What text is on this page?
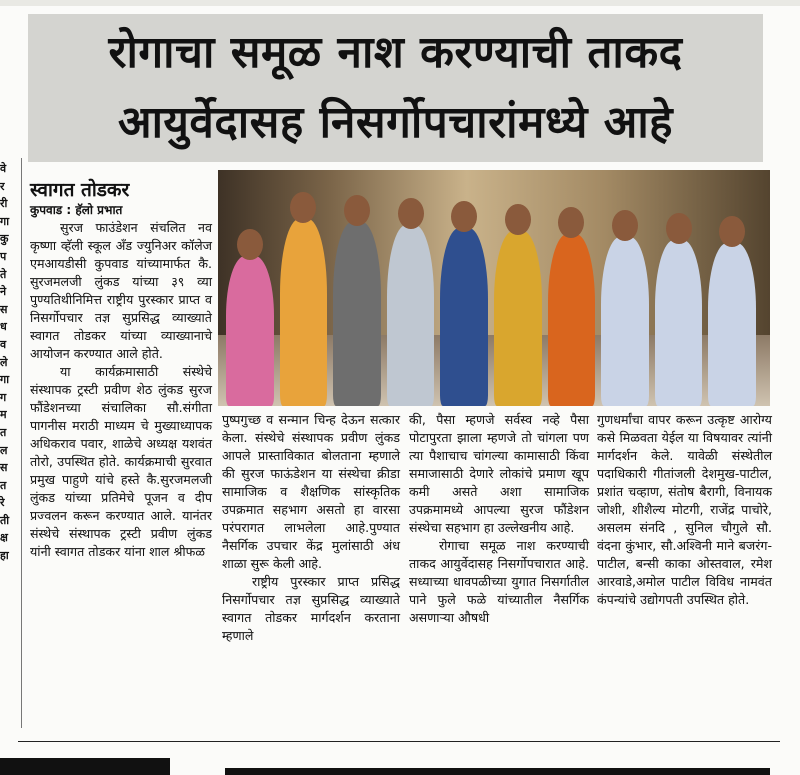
वे
र
री
गा
कु
प
ते
ने
स
ध
व
ले
गा
ग
म
त
ल
स
त
रे
ती
क्ष
हा
रोगाचा समूळ नाश करण्याची ताकद
आयुर्वेदासह निसर्गोपचारांमध्ये आहे
स्वागत तोडकर
कुपवाड : हॅलो प्रभात

सुरज फाउंडेशन संचलित नव कृष्णा व्हॅली स्कूल अँड ज्युनिअर कॉलेज एमआयडीसी कुपवाड यांच्यामार्फत कै. सुरजमलजी लुंकड यांच्या ३९ व्या पुण्यतिथीनिमित्त राष्ट्रीय पुरस्कार प्राप्त व निसर्गोपचार तज्ञ सुप्रसिद्ध व्याख्याते स्वागत तोडकर यांच्या व्याख्यानाचे आयोजन करण्यात आले होते.

या कार्यक्रमासाठी संस्थेचे संस्थापक ट्रस्टी प्रवीण शेठ लुंकड सुरज फौंडेशनच्या संचालिका सौ.संगीता पागनीस मराठी माध्यम चे मुख्याध्यापक अधिकराव पवार, शाळेचे अध्यक्ष यशवंत तोरो, उपस्थित होते. कार्यक्रमाची सुरवात प्रमुख पाहुणे यांचे हस्ते कै.सुरजमलजी लुंकड यांच्या प्रतिमेचे पूजन व दीप प्रज्वलन करून करण्यात आले. यानंतर संस्थेचे संस्थापक ट्रस्टी प्रवीण लुंकड यांनी स्वागत तोडकर यांना शाल श्रीफळ

पुष्पगुच्छ व सन्मान चिन्ह देऊन सत्कार केला. संस्थेचे संस्थापक प्रवीण लुंकड आपले प्रास्ताविकात बोलताना म्हणाले की सुरज फाऊंडेशन या संस्थेचा क्रीडा सामाजिक व शैक्षणिक सांस्कृतिक उपक्रमात सहभाग असतो हा वारसा परंपरागत लाभलेला आहे.पुण्यात नैसर्गिक उपचार केंद्र मुलांसाठी अंध शाळा सुरू केली आहे.

राष्ट्रीय पुरस्कार प्राप्त प्रसिद्ध निसर्गोपचार तज्ञ सुप्रसिद्ध व्याख्याते स्वागत तोडकर मार्गदर्शन करताना म्हणाले

की, पैसा म्हणजे सर्वस्व नव्हे पैसा पोटापुरता झाला म्हणजे तो चांगला पण त्या पैशाचाच चांगल्या कामासाठी किंवा समाजासाठी देणारे लोकांचे प्रमाण खूप कमी असते अशा सामाजिक उपक्रमामध्ये आपल्या सुरज फौंडेशन संस्थेचा सहभाग हा उल्लेखनीय आहे.

रोगाचा समूळ नाश करण्याची ताकद आयुर्वेदासह निसर्गोपचारात आहे. सध्याच्या धावपळीच्या युगात निसर्गातील पाने फुले फळे यांच्यातील नैसर्गिक असणाऱ्या औषधी

गुणधर्मांचा वापर करून उत्कृष्ट आरोग्य कसे मिळवता येईल या विषयावर त्यांनी मार्गदर्शन केले. यावेळी संस्थेतील पदाधिकारी गीतांजली देशमुख-पाटील, प्रशांत चव्हाण, संतोष बैरागी, विनायक जोशी, शीशैल्य मोटगी, राजेंद्र पाचोरे, असलम संनदि , सुनिल चौगुले सौ. वंदना कुंभार, सौ.अश्विनी माने बजरंग-पाटील, बन्सी काका ओस्तवाल, रमेश आरवाडे,अमोल पाटील विविध नामवंत कंपन्यांचे उद्योगपती उपस्थित होते.
